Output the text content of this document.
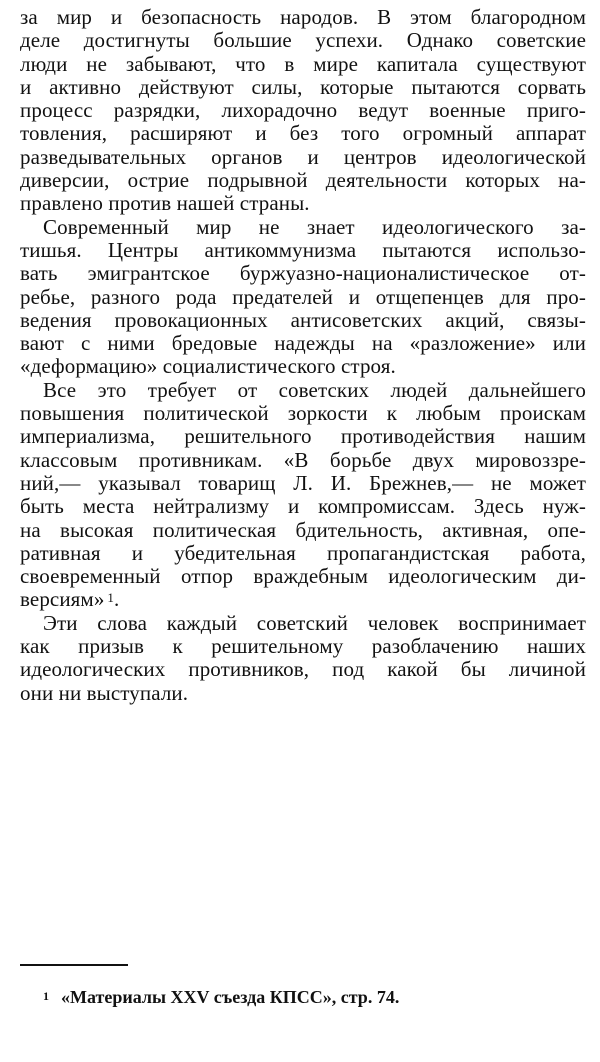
за мир и безопасность народов. В этом благородном
деле достигнуты большие успехи. Однако советские
люди не забывают, что в мире капитала существуют
и активно действуют силы, которые пытаются сорвать
процесс разрядки, лихорадочно ведут военные приго-
товления, расширяют и без того огромный аппарат
разведывательных органов и центров идеологической
диверсии, острие подрывной деятельности которых на-
правлено против нашей страны.
Современный мир не знает идеологического за-
тишья. Центры антикоммунизма пытаются использо-
вать эмигрантское буржуазно-националистическое от-
ребье, разного рода предателей и отщепенцев для про-
ведения провокационных антисоветских акций, связы-
вают с ними бредовые надежды на «разложение» или
«деформацию» социалистического строя.
Все это требует от советских людей дальнейшего
повышения политической зоркости к любым проискам
империализма, решительного противодействия нашим
классовым противникам. «В борьбе двух мировоззре-
ний,— указывал товарищ Л. И. Брежнев,— не может
быть места нейтрализму и компромиссам. Здесь нуж-
на высокая политическая бдительность, активная, опе-
ративная и убедительная пропагандистская работа,
своевременный отпор враждебным идеологическим ди-
версиям» $^1$.
Эти слова каждый советский человек воспринимает
как призыв к решительному разоблачению наших
идеологических противников, под какой бы личиной
они ни выступали.
$^1$ «Материалы XXV съезда КПСС», стр. 74.
